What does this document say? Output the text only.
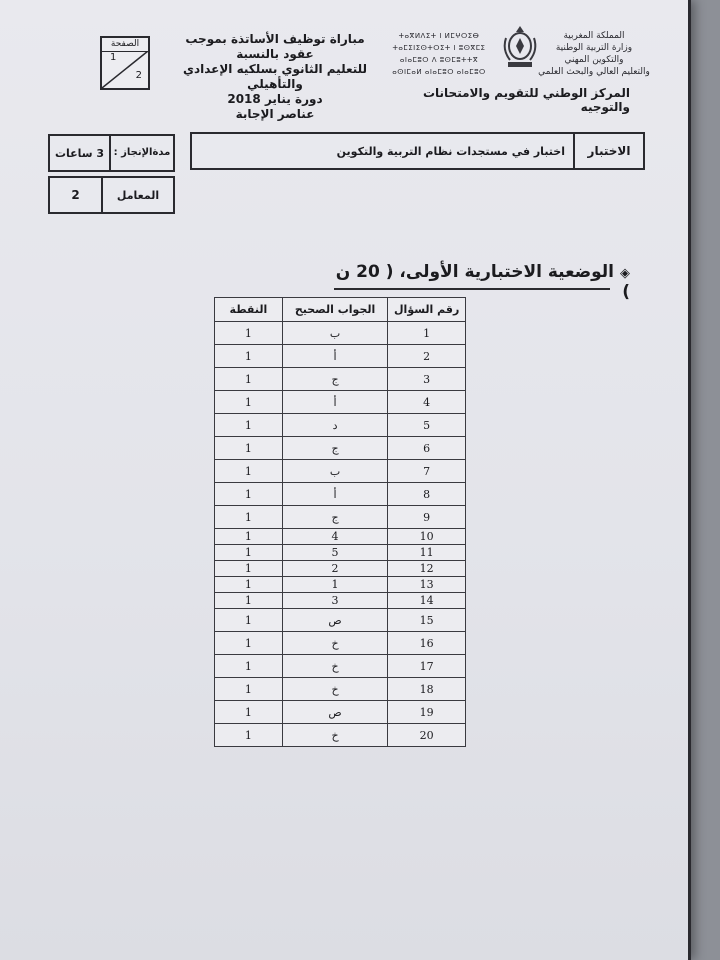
المملكة المغربية
وزارة التربية الوطنية
والتكوين المهني
والتعليم العالي والبحث العلمي
ⵜⴰⴳⵍⴷⵉⵜ ⵏ ⵍⵎⵖⵔⵉⴱ
ⵜⴰⵎⵉⵏⵉⵙⵜⵔⵉⵜ ⵏ ⵓⵙⴳⵎⵉ
ⴰⵏⴰⵎⵓⵔ ⴷ ⵓⵙⵎⵓⵜⵜⴳ
ⴰⵙⵏⵎⴰⵍ ⴰⵏⴰⵎⵓⵔ ⴰⵏⴰⵎⵓⵔ
المركز الوطني للتقويم والامتحانات والتوجيه
مباراة توظيف الأساتذة بموجب عقود بالنسبة
للتعليم الثانوي بسلكيه الإعدادي والتأهيلي
دورة يناير 2018
عناصر الإجابة
الصفحة
1
2
الاختبار
اختبار في مستجدات نظام التربية والتكوين
مدة

الإنجاز :
3 ساعات
المعامل
2
◈الوضعية الاختبارية الأولى، ( 20 ن )
رقم السؤال	الجواب الصحيح	النقطة
1	ب	1
2	أ	1
3	ج	1
4	أ	1
5	د	1
6	ج	1
7	ب	1
8	أ	1
9	ج	1
10	4	1
11	5	1
12	2	1
13	1	1
14	3	1
15	ص	1
16	خ	1
17	خ	1
18	خ	1
19	ص	1
20	خ	1
